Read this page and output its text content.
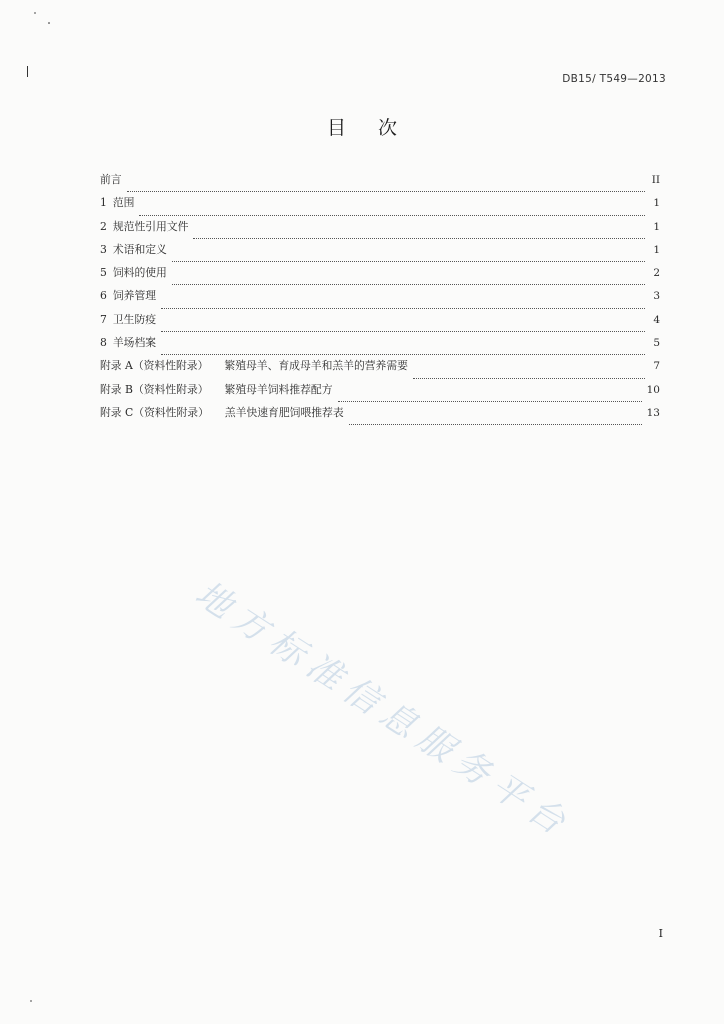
DB15/ T549—2013
目次
前言	II
1 范围	1
2 规范性引用文件	1
3 术语和定义	1
5 饲料的使用	2
6 饲养管理	3
7 卫生防疫	4
8 羊场档案	5
附录 A（资料性附录） 繁殖母羊、育成母羊和羔羊的营养需要	7
附录 B（资料性附录） 繁殖母羊饲料推荐配方	10
附录 C（资料性附录） 羔羊快速育肥饲喂推荐表	13
地方标准信息服务平台
I
